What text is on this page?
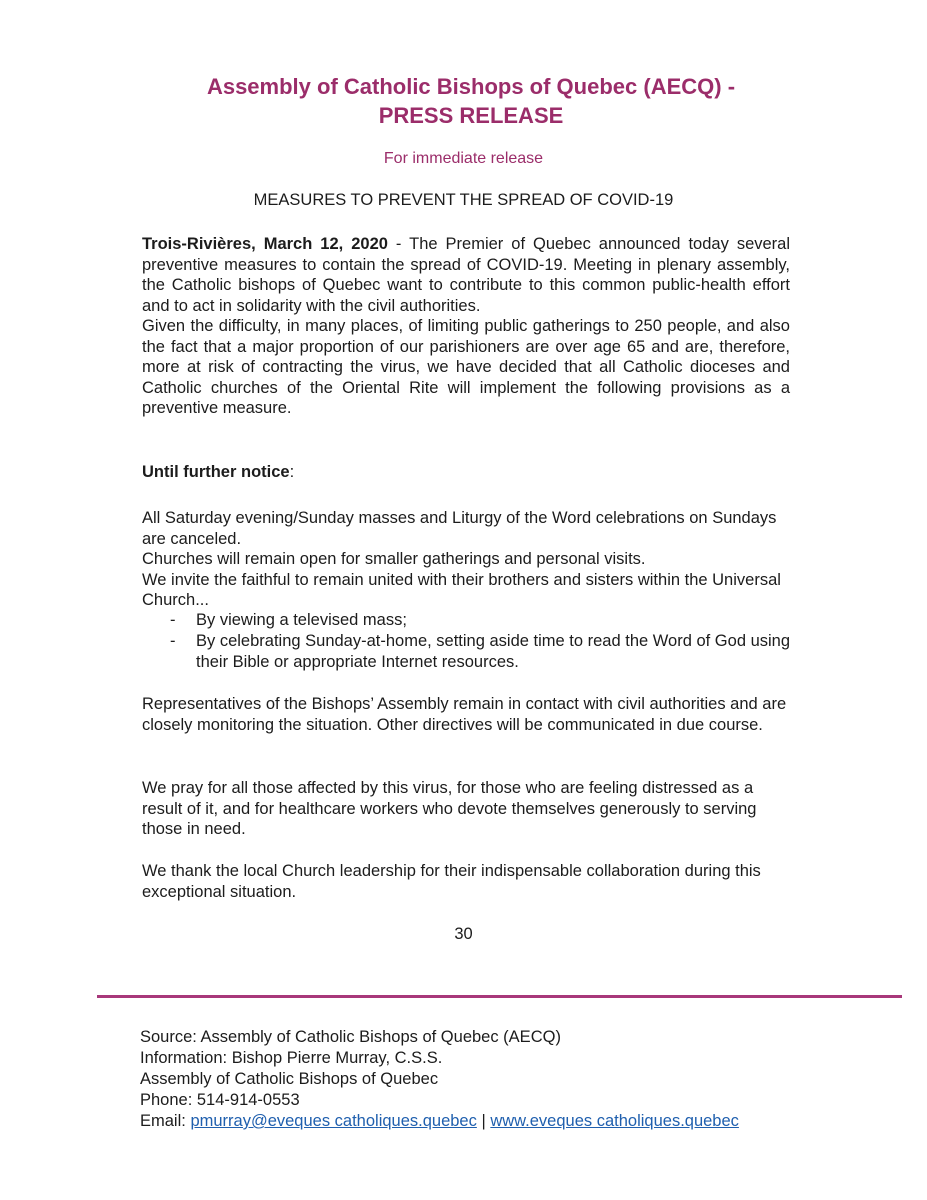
Assembly of Catholic Bishops of Quebec (AECQ) -
PRESS RELEASE
For immediate release
MEASURES TO PREVENT THE SPREAD OF COVID-19

Trois-Rivières, March 12, 2020 - The Premier of Quebec announced today several preventive measures to contain the spread of COVID-19. Meeting in plenary assembly, the Catholic bishops of Quebec want to contribute to this common public-health effort and to act in solidarity with the civil authorities.
Given the difficulty, in many places, of limiting public gatherings to 250 people, and also the fact that a major proportion of our parishioners are over age 65 and are, therefore, more at risk of contracting the virus, we have decided that all Catholic dioceses and Catholic churches of the Oriental Rite will implement the following provisions as a preventive measure.

Until further notice:

All Saturday evening/Sunday masses and Liturgy of the Word celebrations on Sundays are canceled.
Churches will remain open for smaller gatherings and personal visits.
We invite the faithful to remain united with their brothers and sisters within the Universal Church...

- By viewing a televised mass;
- By celebrating Sunday-at-home, setting aside time to read the Word of God using their Bible or appropriate Internet resources.

Representatives of the Bishops’ Assembly remain in contact with civil authorities and are closely monitoring the situation. Other directives will be communicated in due course.

We pray for all those affected by this virus, for those who are feeling distressed as a result of it, and for healthcare workers who devote themselves generously to serving those in need.

We thank the local Church leadership for their indispensable collaboration during this exceptional situation.

30
Source: Assembly of Catholic Bishops of Quebec (AECQ)
Information: Bishop Pierre Murray, C.S.S.
Assembly of Catholic Bishops of Quebec
Phone: 514-914-0553
Email: pmurray@eveques catholiques.quebec | www.eveques catholiques.quebec
